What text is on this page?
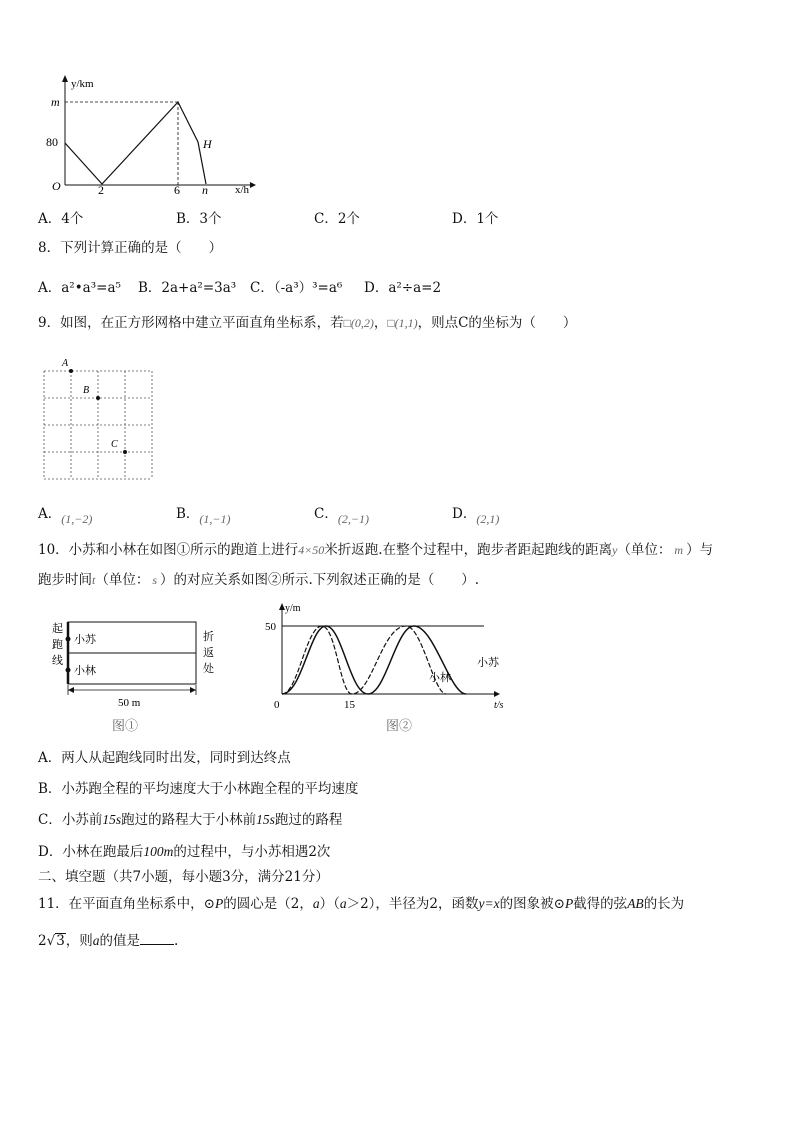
y/km
x/h
m
80
O	2	6 n
H
A．4个	B．3个	C．2个	D．1个
8．下列计算正确的是（　　）
A．a²•a³=a⁵ B．2a+a²=3a³ C．（-a³）³=a⁶ D．a²÷a=2
9．如图，在正方形网格中建立平面直角坐标系，若□(0,2)，□(1,1)，则点C的坐标为（　　）
A
B
C
A．(1,−2)	B．(1,−1)	C．(2,−1)	D．(2,1)
10．小苏和小林在如图①所示的跑道上进行4×50米折返跑.在整个过程中，跑步者距起跑线的距离y（单位： m ）与
跑步时间t（单位： s ）的对应关系如图②所示.下列叙述正确的是（　　）.
起 跑 线
折 返 处
小苏
小林
50 m
图①
y/m
t/s
50
0	15
小苏
小林
图②
A．两人从起跑线同时出发，同时到达终点
B．小苏跑全程的平均速度大于小林跑全程的平均速度
C．小苏前15s跑过的路程大于小林前15s跑过的路程
D．小林在跑最后100m的过程中，与小苏相遇2次
二、填空题（共7小题，每小题3分，满分21分）
11．在平面直角坐标系中，⊙P的圆心是（2，a）（a＞2），半径为2，函数y=x的图象被⊙P截得的弦AB的长为
2√3，则a的值是	.
